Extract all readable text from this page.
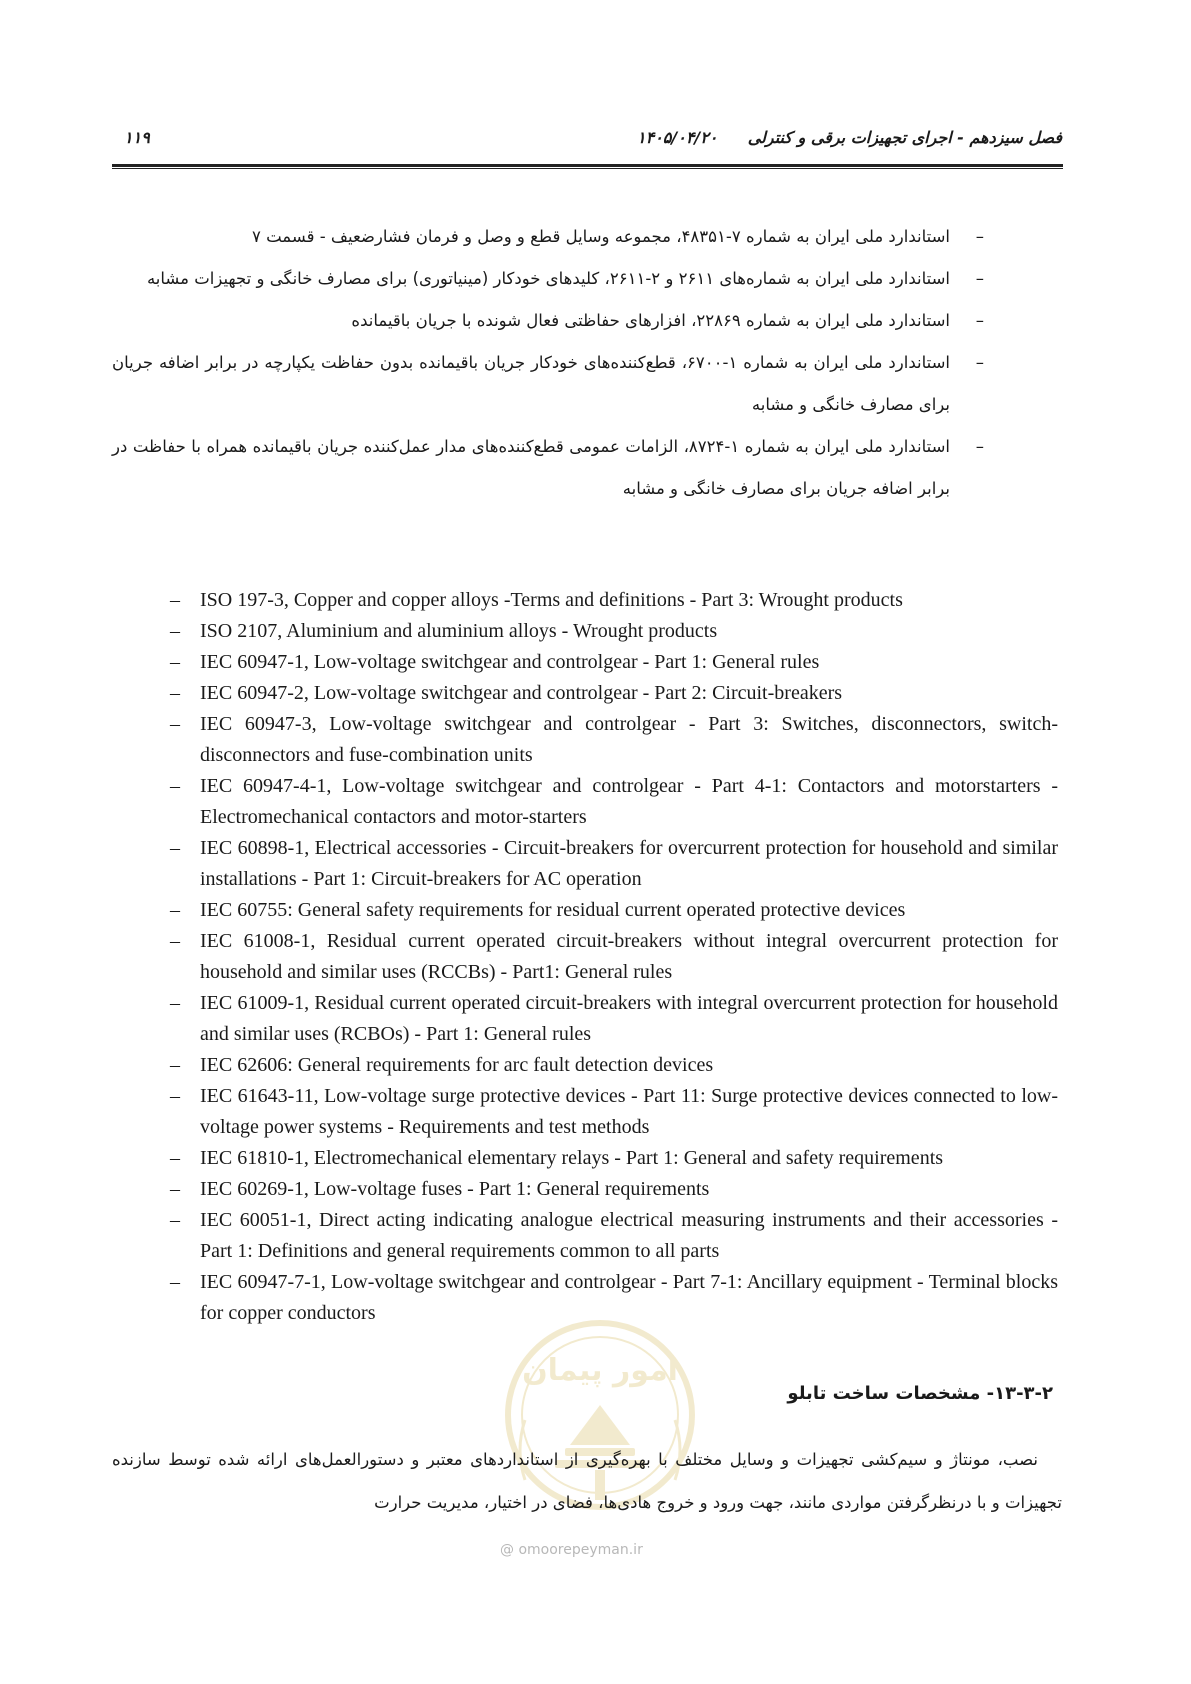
۱۱۹	۱۴۰۵/۰۴/۲۰ فصل سیزدهم - اجرای تجهیزات برقی و کنترلی
–
استاندارد ملی ایران به شماره ۷-۴۸۳۵۱، مجموعه وسایل قطع و وصل و فرمان فشارضعیف - قسمت ۷
–
استاندارد ملی ایران به شماره‌های ۲۶۱۱ و ۲-۲۶۱۱، کلیدهای خودکار (مینیاتوری) برای مصارف خانگی و تجهیزات مشابه
–
استاندارد ملی ایران به شماره ۲۲۸۶۹، افزارهای حفاظتی فعال شونده با جریان باقیمانده
–
استاندارد ملی ایران به شماره ۱-۶۷۰۰، قطع‌کننده‌های خودکار جریان باقیمانده بدون حفاظت یکپارچه در برابر اضافه جریان برای مصارف خانگی و مشابه
–
استاندارد ملی ایران به شماره ۱-۸۷۲۴، الزامات عمومی قطع‌کننده‌های مدار عمل‌کننده جریان باقیمانده همراه با حفاظت در برابر اضافه جریان برای مصارف خانگی و مشابه
– ISO 197-3, Copper and copper alloys -Terms and definitions - Part 3: Wrought products
– ISO 2107, Aluminium and aluminium alloys - Wrought products
– IEC 60947-1, Low-voltage switchgear and controlgear - Part 1: General rules
– IEC 60947-2, Low-voltage switchgear and controlgear - Part 2: Circuit-breakers
– IEC 60947-3, Low-voltage switchgear and controlgear - Part 3: Switches, disconnectors, switch-disconnectors and fuse-combination units
– IEC 60947-4-1, Low-voltage switchgear and controlgear - Part 4-1: Contactors and motorstarters - Electromechanical contactors and motor-starters
– IEC 60898-1, Electrical accessories - Circuit-breakers for overcurrent protection for household and similar installations - Part 1: Circuit-breakers for AC operation
– IEC 60755: General safety requirements for residual current operated protective devices
– IEC 61008-1, Residual current operated circuit-breakers without integral overcurrent protection for household and similar uses (RCCBs) - Part1: General rules
– IEC 61009-1, Residual current operated circuit-breakers with integral overcurrent protection for household and similar uses (RCBOs) - Part 1: General rules
– IEC 62606: General requirements for arc fault detection devices
– IEC 61643-11, Low-voltage surge protective devices - Part 11: Surge protective devices connected to low-voltage power systems - Requirements and test methods
– IEC 61810-1, Electromechanical elementary relays - Part 1: General and safety requirements
– IEC 60269-1, Low-voltage fuses - Part 1: General requirements
– IEC 60051-1, Direct acting indicating analogue electrical measuring instruments and their accessories - Part 1: Definitions and general requirements common to all parts
– IEC 60947-7-1, Low-voltage switchgear and controlgear - Part 7-1: Ancillary equipment - Terminal blocks for copper conductors
امور پیمان
@ omoorepeyman.ir
۱۳-۳-۲- مشخصات ساخت تابلو
نصب، مونتاژ و سیم‌کشی تجهیزات و وسایل مختلف با بهره‌گیری از استانداردهای معتبر و دستورالعمل‌های ارائه شده توسط سازنده تجهیزات و با درنظرگرفتن مواردی مانند، جهت ورود و خروج هادی‌ها، فضای در اختیار، مدیریت حرارت
